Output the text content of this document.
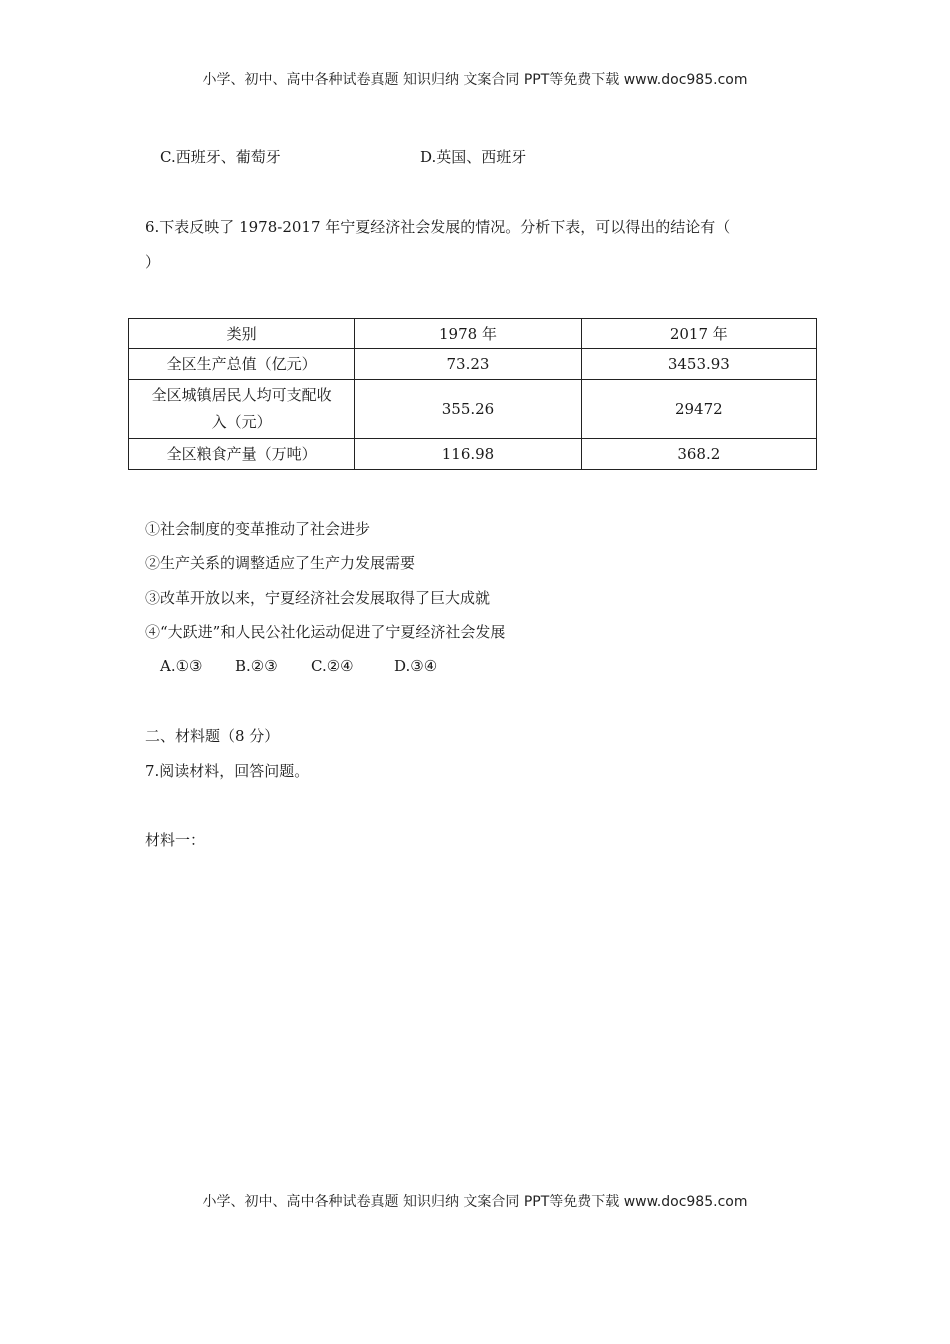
小学、初中、高中各种试卷真题 知识归纳 文案合同 PPT等免费下载 www.doc985.com
C.西班牙、葡萄牙	D.英国、西班牙
6.下表反映了 1978-2017 年宁夏经济社会发展的情况。分析下表，可以得出的结论有（
）
类别	1978 年	2017 年
全区生产总值（亿元）	73.23	3453.93

全区城镇居民人均可支配收
入（元）	355.26	29472
全区粮食产量（万吨）	116.98	368.2
①社会制度的变革推动了社会进步
②生产关系的调整适应了生产力发展需要
③改革开放以来，宁夏经济社会发展取得了巨大成就
④“大跃进”和人民公社化运动促进了宁夏经济社会发展
A.①③ B.②③ C.②④	D.③④
二、材料题（8 分）
7.阅读材料，回答问题。
材料一：
小学、初中、高中各种试卷真题 知识归纳 文案合同 PPT等免费下载 www.doc985.com
